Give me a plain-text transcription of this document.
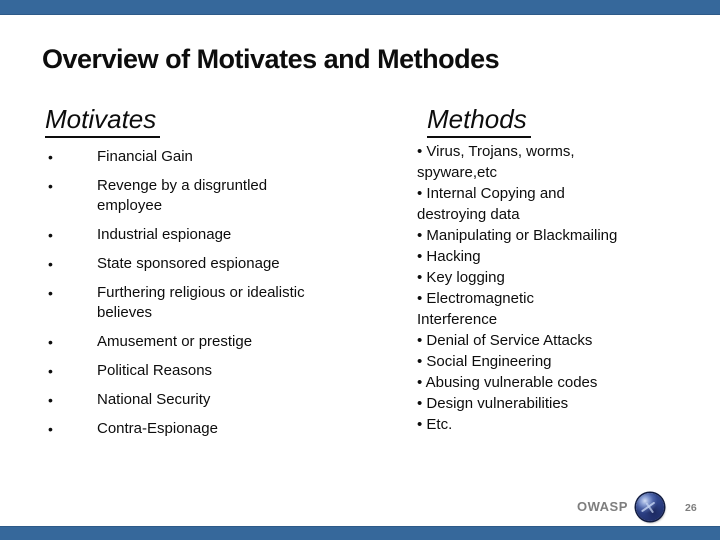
Overview of Motivates and Methodes
Motivates	Methods
•	Financial Gain
•	Revenge by a disgruntled
employee
•	Industrial espionage
•	State sponsored espionage
•	Furthering religious or idealistic
believes
•	Amusement or prestige
•	Political Reasons
•	National Security
•	Contra-Espionage
• Virus, Trojans, worms,
spyware,etc
• Internal Copying and
destroying data
• Manipulating or Blackmailing
• Hacking
• Key logging
• Electromagnetic
Interference
• Denial of Service Attacks
• Social Engineering
• Abusing vulnerable codes
• Design vulnerabilities
• Etc.
OWASP	26
